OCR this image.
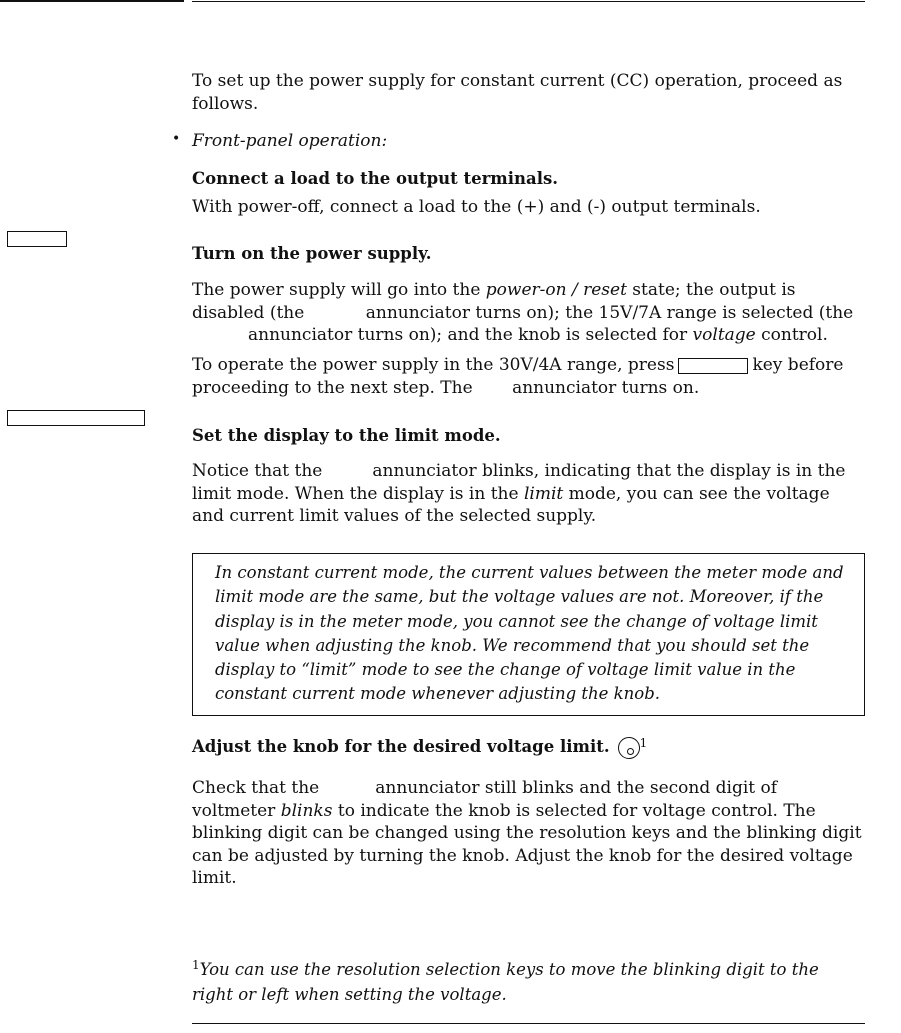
To set up the power supply for constant current (CC) operation, proceed as follows.

• Front-panel operation:
Connect a load to the output terminals.
With power-off, connect a load to the (+) and (-) output terminals.
Turn on the power supply.
The power supply will go into the power-on / reset state; the output is disabled (the	annunciator turns on); the 15V/7A range is selected (the annunciator turns on); and the knob is selected for voltage control.
To operate the power supply in the 30V/4A range, press	key before proceeding to the next step. The annunciator turns on.
Set the display to the limit mode.
Notice that the	annunciator blinks, indicating that the display is in the limit mode. When the display is in the limit mode, you can see the voltage and current limit values of the selected supply.
In constant current mode, the current values between the meter mode and limit mode are the same, but the voltage values are not. Moreover, if the display is in the meter mode, you cannot see the change of voltage limit value when adjusting the knob. We recommend that you should set the display to “limit” mode to see the change of voltage limit value in the constant current mode whenever adjusting the knob.
Adjust the knob for the desired voltage limit.	$^1$
Check that the	annunciator still blinks and the second digit of voltmeter blinks to indicate the knob is selected for voltage control. The blinking digit can be changed using the resolution keys and the blinking digit can be adjusted by turning the knob. Adjust the knob for the desired voltage limit.
$^1$You can use the resolution selection keys to move the blinking digit to the right or left when setting the voltage.
